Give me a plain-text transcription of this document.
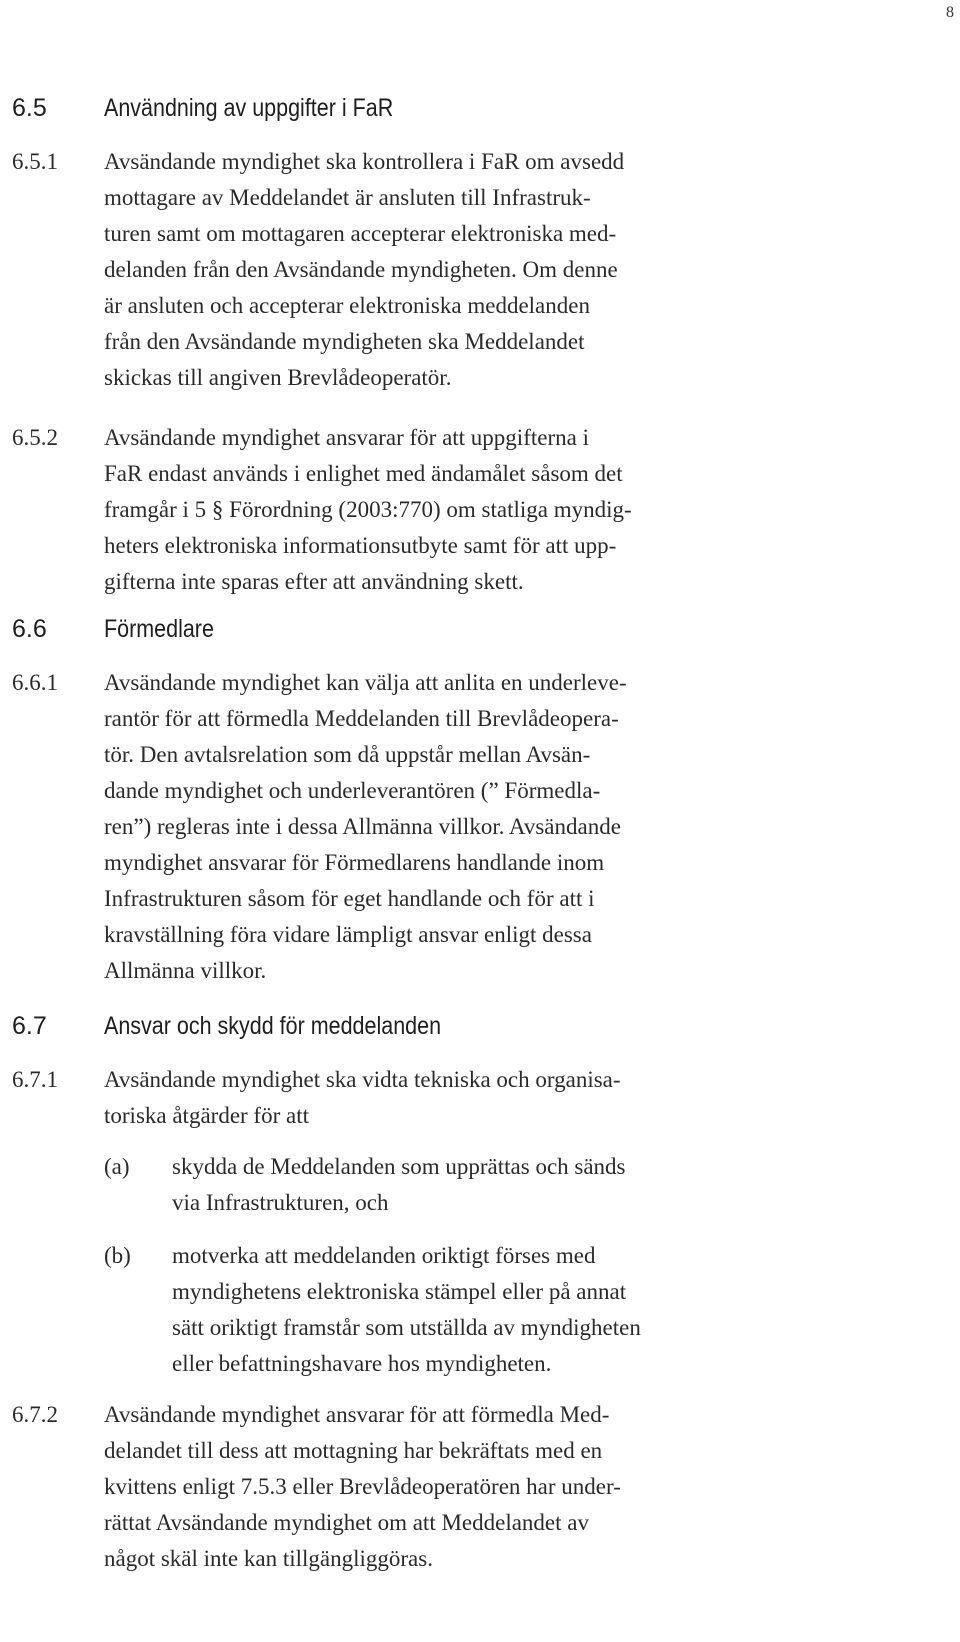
8
6.5 Användning av uppgifter i FaR
6.5.1 Avsändande myndighet ska kontrollera i FaR om avsedd
mottagare av Meddelandet är ansluten till Infrastruk-
turen samt om mottagaren accepterar elektroniska med-
delanden från den Avsändande myndigheten. Om denne
är ansluten och accepterar elektroniska meddelanden
från den Avsändande myndigheten ska Meddelandet
skickas till angiven Brevlådeoperatör.
6.5.2 Avsändande myndighet ansvarar för att uppgifterna i
FaR endast används i enlighet med ändamålet såsom det
framgår i 5 § Förordning (2003:770) om statliga myndig-
heters elektroniska informationsutbyte samt för att upp-
gifterna inte sparas efter att användning skett.
6.6 Förmedlare
6.6.1 Avsändande myndighet kan välja att anlita en underleve-
rantör för att förmedla Meddelanden till Brevlådeopera-
tör. Den avtalsrelation som då uppstår mellan Avsän-
dande myndighet och underleverantören (” Förmedla-
ren”) regleras inte i dessa Allmänna villkor. Avsändande
myndighet ansvarar för Förmedlarens handlande inom
Infrastrukturen såsom för eget handlande och för att i
kravställning föra vidare lämpligt ansvar enligt dessa
Allmänna villkor.
6.7 Ansvar och skydd för meddelanden
6.7.1 Avsändande myndighet ska vidta tekniska och organisa-
toriska åtgärder för att
(a) skydda de Meddelanden som upprättas och sänds
via Infrastrukturen, och
(b) motverka att meddelanden oriktigt förses med
myndighetens elektroniska stämpel eller på annat
sätt oriktigt framstår som utställda av myndigheten
eller befattningshavare hos myndigheten.
6.7.2 Avsändande myndighet ansvarar för att förmedla Med-
delandet till dess att mottagning har bekräftats med en
kvittens enligt 7.5.3 eller Brevlådeoperatören har under-
rättat Avsändande myndighet om att Meddelandet av
något skäl inte kan tillgängliggöras.
